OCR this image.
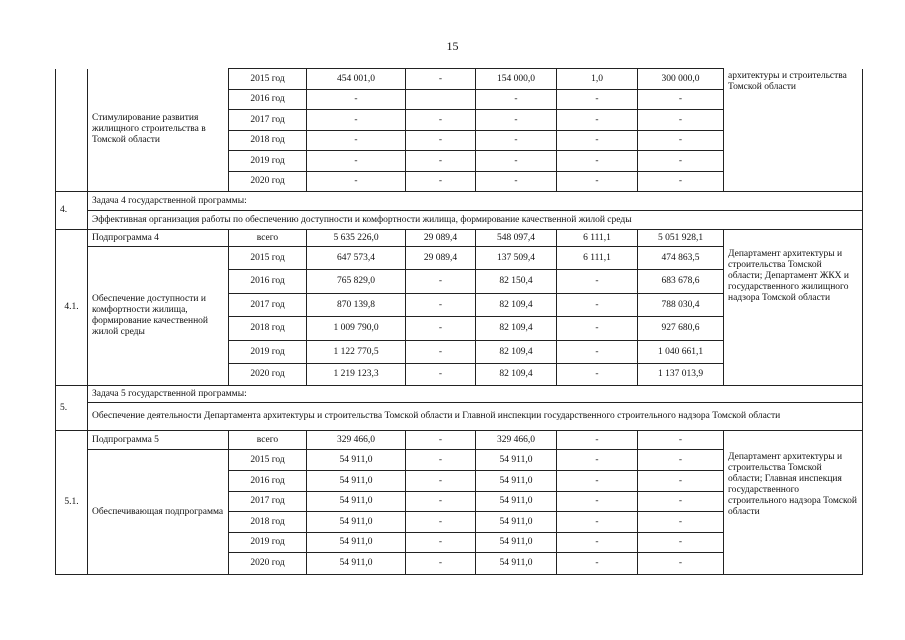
15
	Стимулирование развития жилищного строительства в Томской области	2015 год	454 001,0	-	154 000,0	1,0	300 000,0	архитектуры и строительства Томской области
		2016 год	-		-	-	-	
		2017 год	-	-	-	-	-	
		2018 год	-	-	-	-	-	
		2019 год	-	-	-	-	-	
		2020 год	-	-	-	-	-	
4.	Задача 4 государственной программы:							
	Эффективная организация работы по обеспечению доступности и комфортности жилища, формирование качественной жилой среды							
4.1.	Подпрограмма 4	всего	5 635 226,0	29 089,4	548 097,4	6 111,1	5 051 928,1	
	Обеспечение доступности и комфортности жилища, формирование качественной жилой среды	2015 год	647 573,4	29 089,4	137 509,4	6 111,1	474 863,5	Департамент архитектуры и строительства Томской области; Департамент ЖКХ и государственного жилищного надзора Томской области
		2016 год	765 829,0	-	82 150,4	-	683 678,6	
		2017 год	870 139,8	-	82 109,4	-	788 030,4	
		2018 год	1 009 790,0	-	82 109,4	-	927 680,6	
		2019 год	1 122 770,5	-	82 109,4	-	1 040 661,1	
		2020 год	1 219 123,3	-	82 109,4	-	1 137 013,9	
5.	Задача 5 государственной программы:							
	Обеспечение деятельности Департамента архитектуры и строительства Томской области и Главной инспекции государственного строительного надзора Томской области							
5.1.	Подпрограмма 5	всего	329 466,0	-	329 466,0	-	-	
	Обеспечивающая подпрограмма	2015 год	54 911,0	-	54 911,0	-	-	Департамент архитектуры и строительства Томской области; Главная инспекция государственного строительного надзора Томской области
		2016 год	54 911,0	-	54 911,0	-	-	
		2017 год	54 911,0	-	54 911,0	-	-	
		2018 год	54 911,0	-	54 911,0	-	-	
		2019 год	54 911,0	-	54 911,0	-	-	
		2020 год	54 911,0	-	54 911,0	-	-	
